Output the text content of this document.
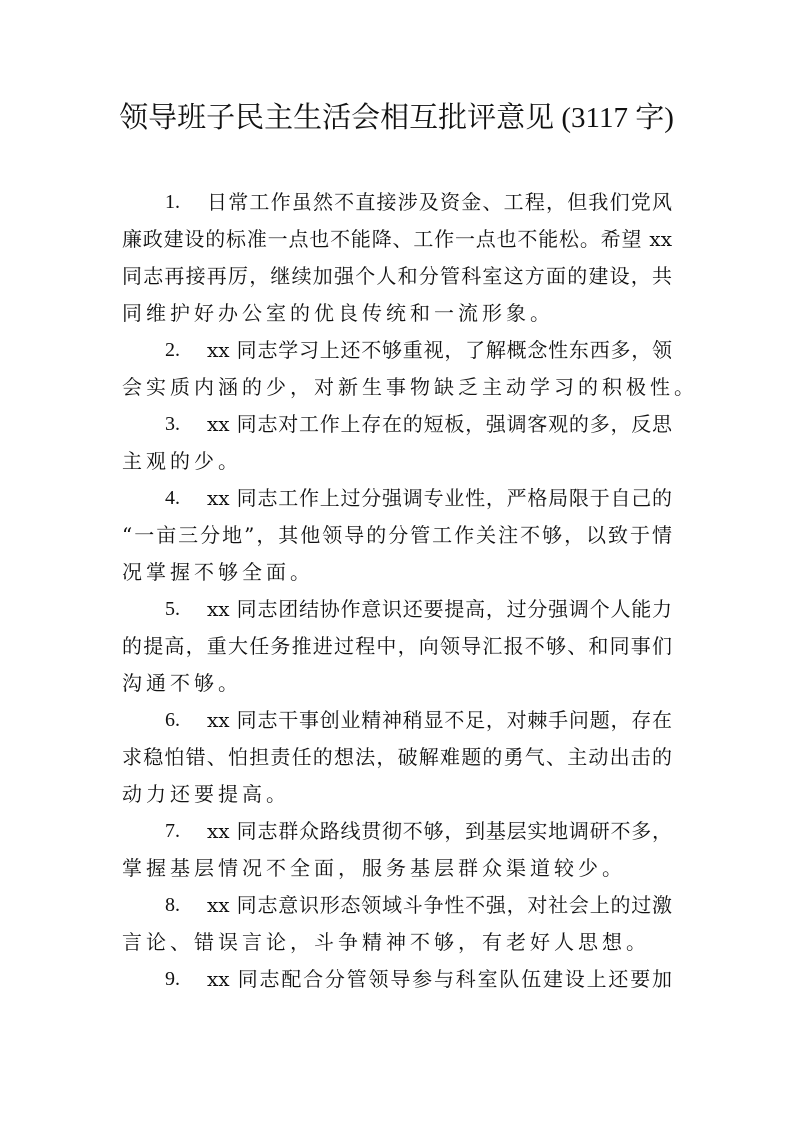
领导班子民主生活会相互批评意见 (3117 字)
1.	日常工作虽然不直接涉及资金、工程，但我们党风
廉政建设的标准一点也不能降、工作一点也不能松。希望 xx
同志再接再厉，继续加强个人和分管科室这方面的建设，共
同维护好办公室的优良传统和一流形象。
2.	xx 同志学习上还不够重视，了解概念性东西多，领
会实质内涵的少，对新生事物缺乏主动学习的积极性。
3.	xx 同志对工作上存在的短板，强调客观的多，反思
主观的少。
4.	xx 同志工作上过分强调专业性，严格局限于自己的
“一亩三分地”，其他领导的分管工作关注不够，以致于情
况掌握不够全面。
5.	xx 同志团结协作意识还要提高，过分强调个人能力
的提高，重大任务推进过程中，向领导汇报不够、和同事们
沟通不够。
6.	xx 同志干事创业精神稍显不足，对棘手问题，存在
求稳怕错、怕担责任的想法，破解难题的勇气、主动出击的
动力还要提高。
7.	xx 同志群众路线贯彻不够，到基层实地调研不多，
掌握基层情况不全面，服务基层群众渠道较少。
8.	xx 同志意识形态领域斗争性不强，对社会上的过激
言论、错误言论，斗争精神不够，有老好人思想。
9.	xx 同志配合分管领导参与科室队伍建设上还要加
